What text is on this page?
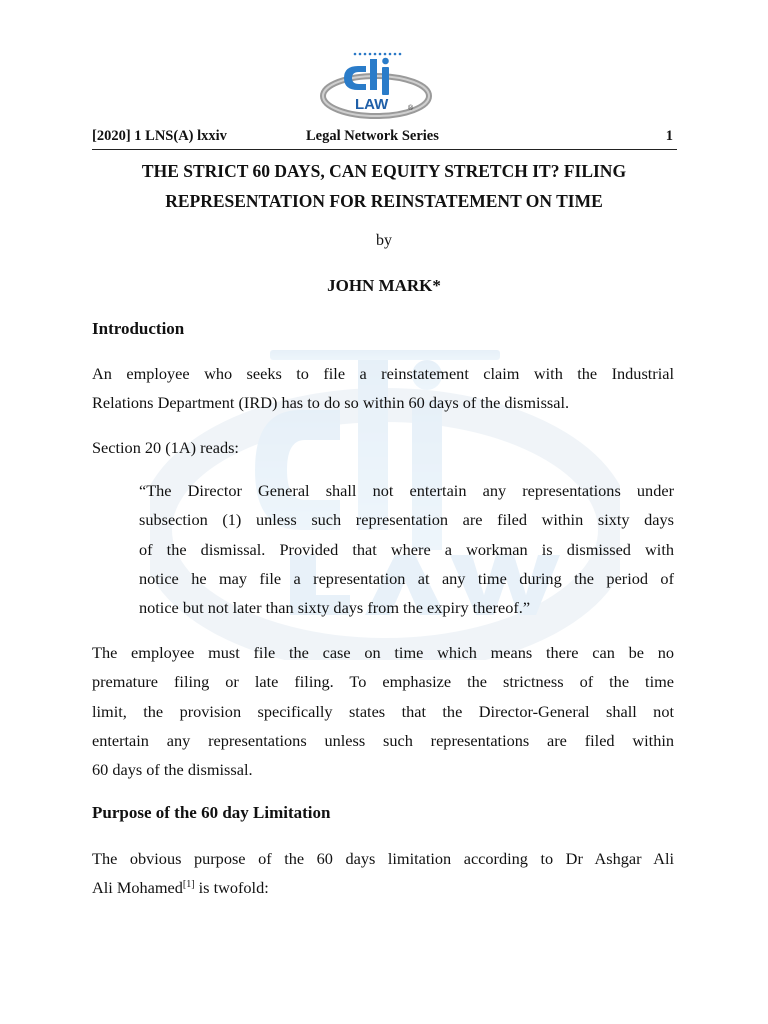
LAW	®
[2020] 1 LNS(A) lxxiv	Legal Network Series	1
THE STRICT 60 DAYS, CAN EQUITY STRETCH IT? FILING
REPRESENTATION FOR REINSTATEMENT ON TIME
by
JOHN MARK*
Introduction

An employee who seeks to file a reinstatement claim with the Industrial
Relations Department (IRD) has to do so within 60 days of the dismissal.

Section 20 (1A) reads:

“The Director General shall not entertain any representations under
subsection (1) unless such representation are filed within sixty days
of the dismissal. Provided that where a workman is dismissed with
notice he may file a representation at any time during the period of
notice but not later than sixty days from the expiry thereof.”

The employee must file the case on time which means there can be no
premature filing or late filing. To emphasize the strictness of the time
limit, the provision specifically states that the Director-General shall not
entertain any representations unless such representations are filed within
60 days of the dismissal.

Purpose of the 60 day Limitation

The obvious purpose of the 60 days limitation according to Dr Ashgar Ali
Ali Mohamed[1] is twofold:
